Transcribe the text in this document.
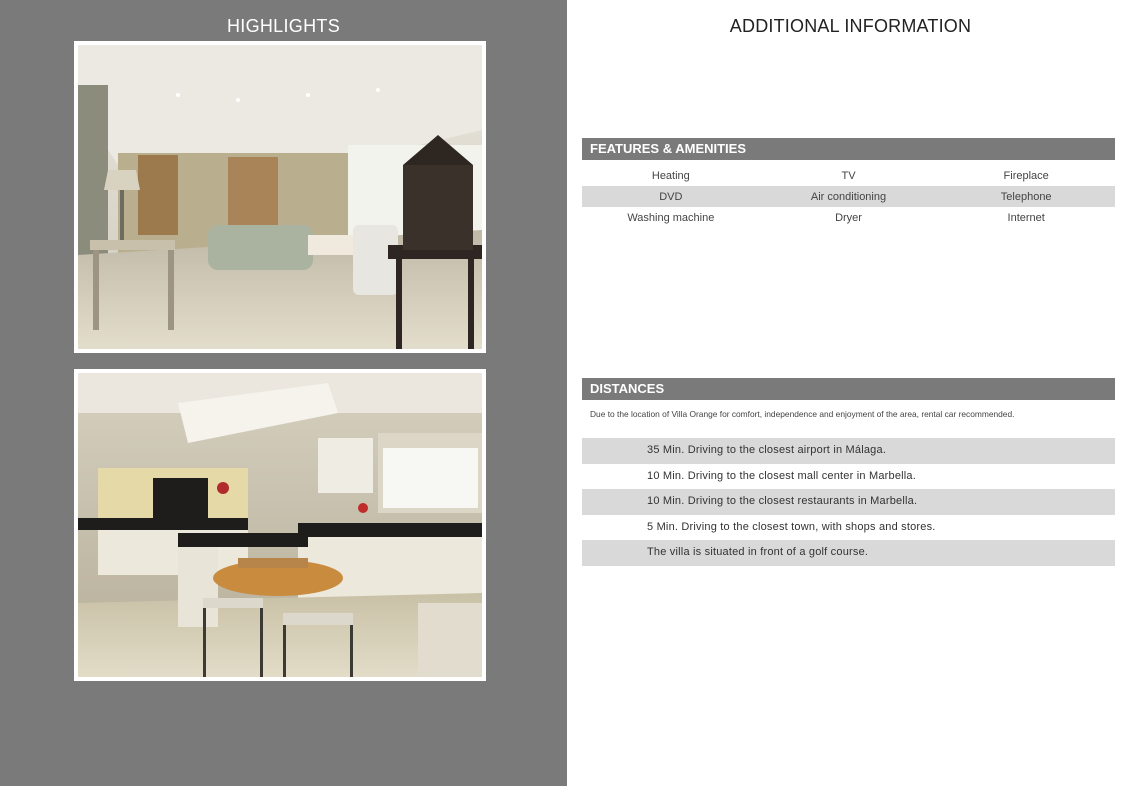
HIGHLIGHTS	ADDITIONAL INFORMATION
FEATURES & AMENITIES
Heating	TV	Fireplace
DVD	Air conditioning	Telephone
Washing machine	Dryer	Internet
DISTANCES
Due to the location of Villa Orange for comfort, independence and enjoyment of the area, rental car recommended.
35 Min. Driving to the closest airport in Málaga.
10 Min. Driving to the closest mall center in Marbella.
10 Min. Driving to the closest restaurants in Marbella.
5 Min. Driving to the closest town, with shops and stores.
The villa is situated in front of a golf course.
